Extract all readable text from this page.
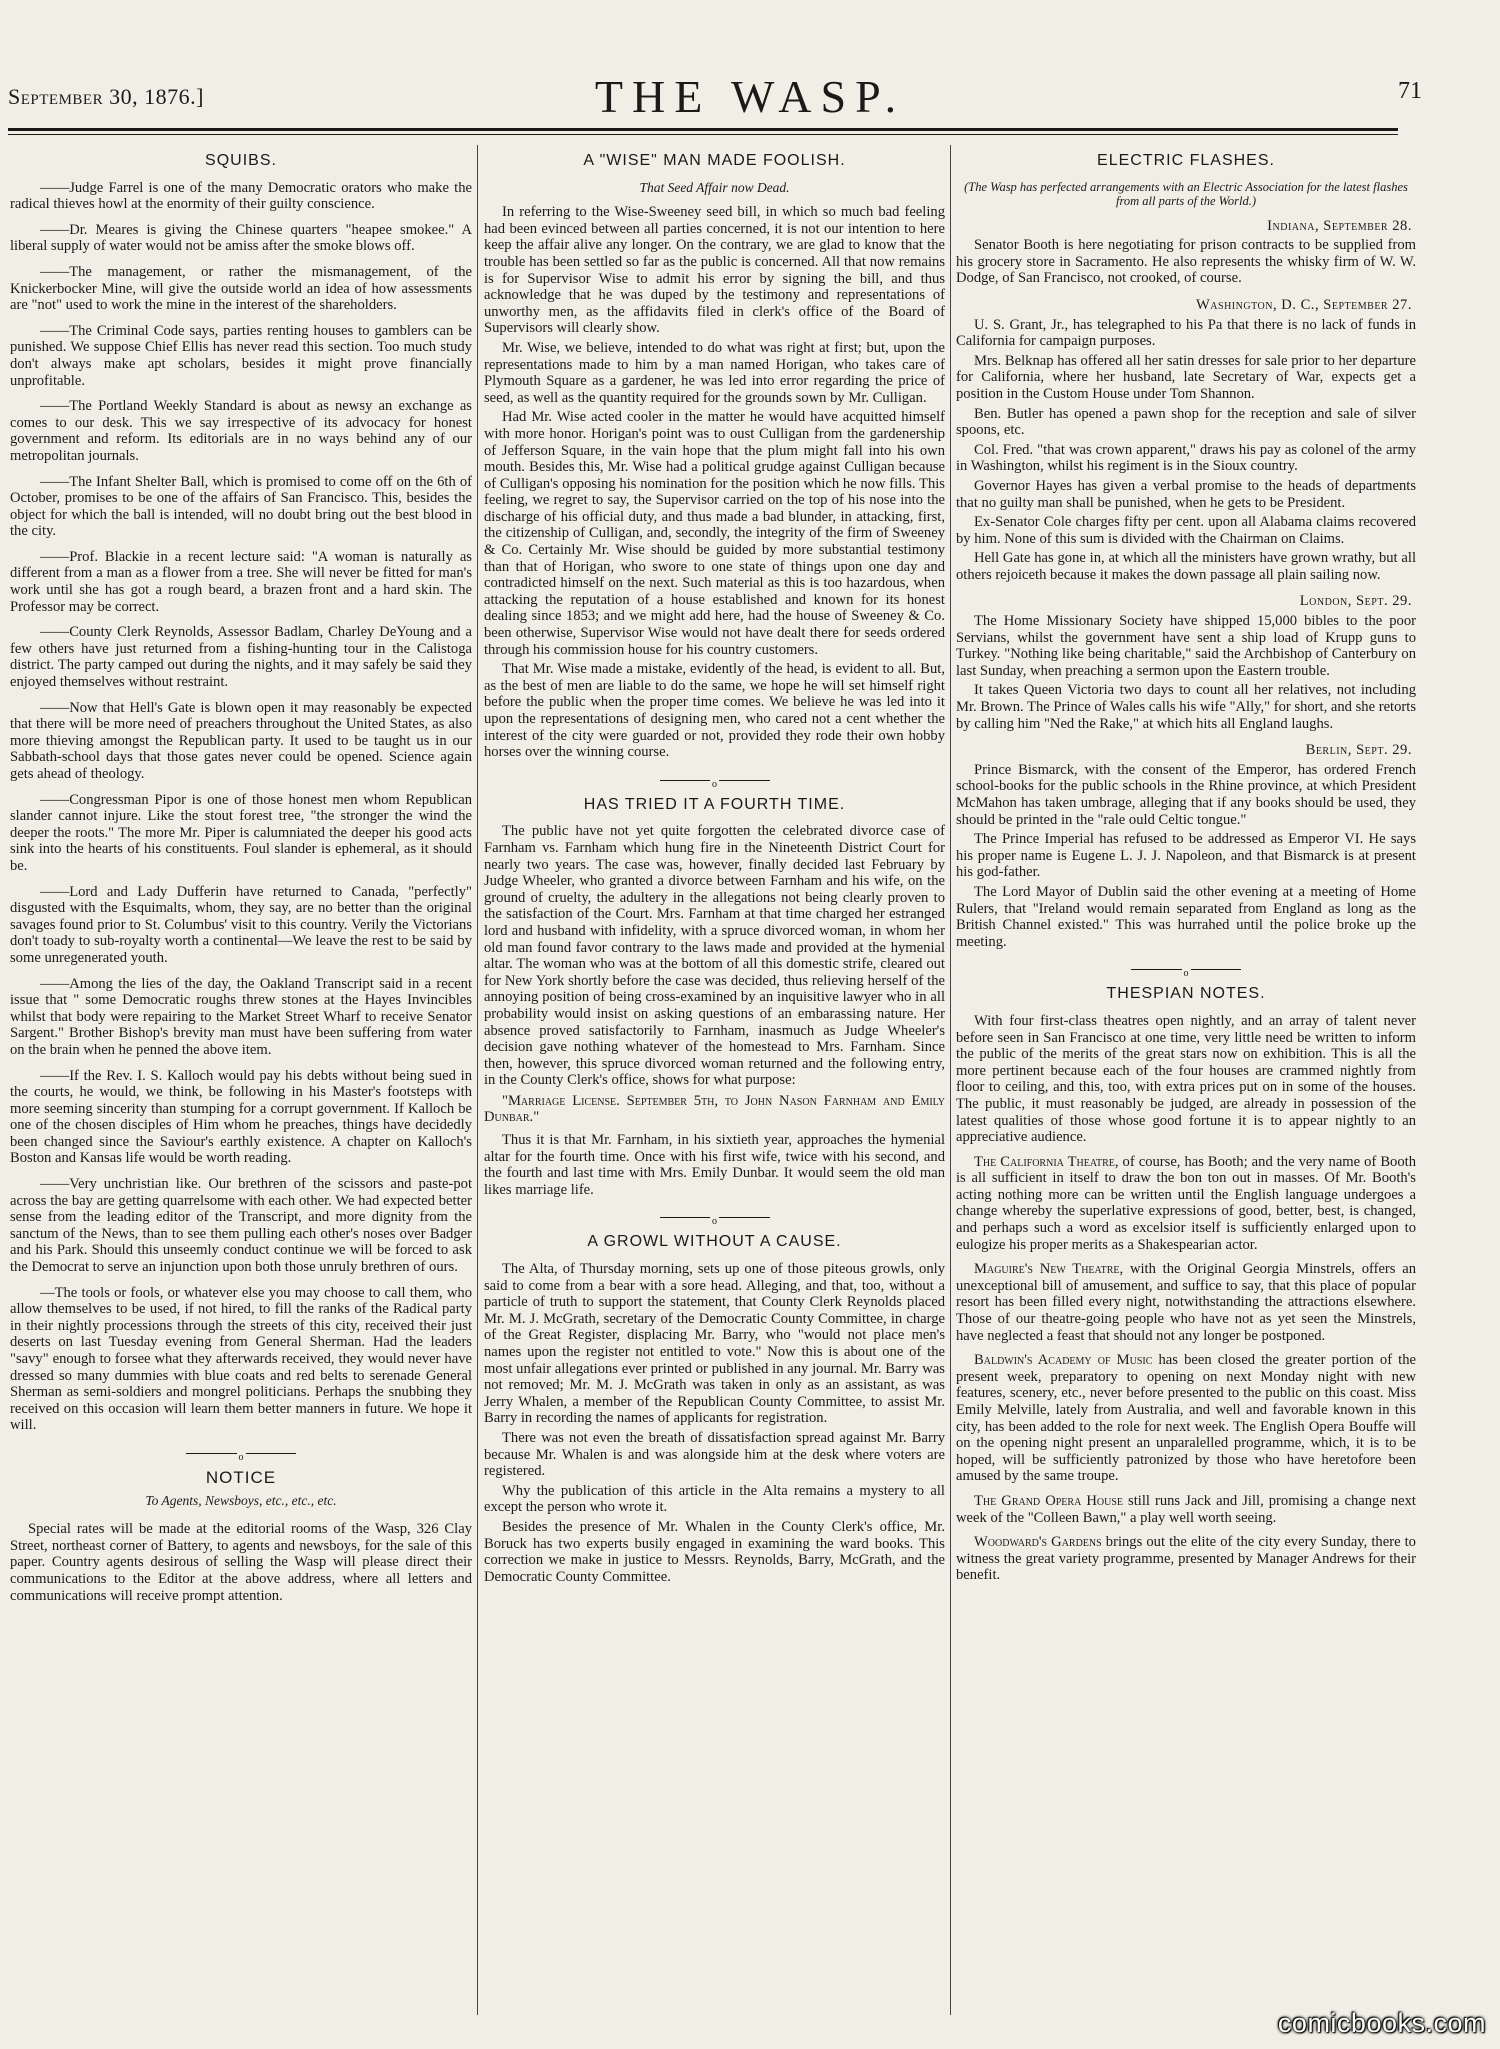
September 30, 1876.]	THE WASP.	71
SQUIBS.
——Judge Farrel is one of the many Democratic orators who make the radical thieves howl at the enormity of their guilty conscience.
——Dr. Meares is giving the Chinese quarters "heapee smokee." A liberal supply of water would not be amiss after the smoke blows off.
——The management, or rather the mismanagement, of the Knickerbocker Mine, will give the outside world an idea of how assessments are "not" used to work the mine in the interest of the shareholders.
——The Criminal Code says, parties renting houses to gamblers can be punished. We suppose Chief Ellis has never read this section. Too much study don't always make apt scholars, besides it might prove financially unprofitable.
——The Portland Weekly Standard is about as newsy an exchange as comes to our desk. This we say irrespective of its advocacy for honest government and reform. Its editorials are in no ways behind any of our metropolitan journals.
——The Infant Shelter Ball, which is promised to come off on the 6th of October, promises to be one of the affairs of San Francisco. This, besides the object for which the ball is intended, will no doubt bring out the best blood in the city.
——Prof. Blackie in a recent lecture said: "A woman is naturally as different from a man as a flower from a tree. She will never be fitted for man's work until she has got a rough beard, a brazen front and a hard skin. The Professor may be correct.
——County Clerk Reynolds, Assessor Badlam, Charley DeYoung and a few others have just returned from a fishing-hunting tour in the Calistoga district. The party camped out during the nights, and it may safely be said they enjoyed themselves without restraint.
——Now that Hell's Gate is blown open it may reasonably be expected that there will be more need of preachers throughout the United States, as also more thieving amongst the Republican party. It used to be taught us in our Sabbath-school days that those gates never could be opened. Science again gets ahead of theology.
——Congressman Pipor is one of those honest men whom Republican slander cannot injure. Like the stout forest tree, "the stronger the wind the deeper the roots." The more Mr. Piper is calumniated the deeper his good acts sink into the hearts of his constituents. Foul slander is ephemeral, as it should be.
——Lord and Lady Dufferin have returned to Canada, "perfectly" disgusted with the Esquimalts, whom, they say, are no better than the original savages found prior to St. Columbus' visit to this country. Verily the Victorians don't toady to sub-royalty worth a continental—We leave the rest to be said by some unregenerated youth.
——Among the lies of the day, the Oakland Transcript said in a recent issue that " some Democratic roughs threw stones at the Hayes Invincibles whilst that body were repairing to the Market Street Wharf to receive Senator Sargent." Brother Bishop's brevity man must have been suffering from water on the brain when he penned the above item.
——If the Rev. I. S. Kalloch would pay his debts without being sued in the courts, he would, we think, be following in his Master's footsteps with more seeming sincerity than stumping for a corrupt government. If Kalloch be one of the chosen disciples of Him whom he preaches, things have decidedly been changed since the Saviour's earthly existence. A chapter on Kalloch's Boston and Kansas life would be worth reading.
——Very unchristian like. Our brethren of the scissors and paste-pot across the bay are getting quarrelsome with each other. We had expected better sense from the leading editor of the Transcript, and more dignity from the sanctum of the News, than to see them pulling each other's noses over Badger and his Park. Should this unseemly conduct continue we will be forced to ask the Democrat to serve an injunction upon both those unruly brethren of ours.
—The tools or fools, or whatever else you may choose to call them, who allow themselves to be used, if not hired, to fill the ranks of the Radical party in their nightly processions through the streets of this city, received their just deserts on last Tuesday evening from General Sherman. Had the leaders "savy" enough to forsee what they afterwards received, they would never have dressed so many dummies with blue coats and red belts to serenade General Sherman as semi-soldiers and mongrel politicians. Perhaps the snubbing they received on this occasion will learn them better manners in future. We hope it will.
o
NOTICE
To Agents, Newsboys, etc., etc., etc.
Special rates will be made at the editorial rooms of the Wasp, 326 Clay Street, northeast corner of Battery, to agents and newsboys, for the sale of this paper. Country agents desirous of selling the Wasp will please direct their communications to the Editor at the above address, where all letters and communications will receive prompt attention.
A "WISE" MAN MADE FOOLISH.
That Seed Affair now Dead.
In referring to the Wise-Sweeney seed bill, in which so much bad feeling had been evinced between all parties concerned, it is not our intention to here keep the affair alive any longer. On the contrary, we are glad to know that the trouble has been settled so far as the public is concerned. All that now remains is for Supervisor Wise to admit his error by signing the bill, and thus acknowledge that he was duped by the testimony and representations of unworthy men, as the affidavits filed in clerk's office of the Board of Supervisors will clearly show.
Mr. Wise, we believe, intended to do what was right at first; but, upon the representations made to him by a man named Horigan, who takes care of Plymouth Square as a gardener, he was led into error regarding the price of seed, as well as the quantity required for the grounds sown by Mr. Culligan.
Had Mr. Wise acted cooler in the matter he would have acquitted himself with more honor. Horigan's point was to oust Culligan from the gardenership of Jefferson Square, in the vain hope that the plum might fall into his own mouth. Besides this, Mr. Wise had a political grudge against Culligan because of Culligan's opposing his nomination for the position which he now fills. This feeling, we regret to say, the Supervisor carried on the top of his nose into the discharge of his official duty, and thus made a bad blunder, in attacking, first, the citizenship of Culligan, and, secondly, the integrity of the firm of Sweeney & Co. Certainly Mr. Wise should be guided by more substantial testimony than that of Horigan, who swore to one state of things upon one day and contradicted himself on the next. Such material as this is too hazardous, when attacking the reputation of a house established and known for its honest dealing since 1853; and we might add here, had the house of Sweeney & Co. been otherwise, Supervisor Wise would not have dealt there for seeds ordered through his commission house for his country customers.
That Mr. Wise made a mistake, evidently of the head, is evident to all. But, as the best of men are liable to do the same, we hope he will set himself right before the public when the proper time comes. We believe he was led into it upon the representations of designing men, who cared not a cent whether the interest of the city were guarded or not, provided they rode their own hobby horses over the winning course.
o
HAS TRIED IT A FOURTH TIME.
The public have not yet quite forgotten the celebrated divorce case of Farnham vs. Farnham which hung fire in the Nineteenth District Court for nearly two years. The case was, however, finally decided last February by Judge Wheeler, who granted a divorce between Farnham and his wife, on the ground of cruelty, the adultery in the allegations not being clearly proven to the satisfaction of the Court. Mrs. Farnham at that time charged her estranged lord and husband with infidelity, with a spruce divorced woman, in whom her old man found favor contrary to the laws made and provided at the hymenial altar. The woman who was at the bottom of all this domestic strife, cleared out for New York shortly before the case was decided, thus relieving herself of the annoying position of being cross-examined by an inquisitive lawyer who in all probability would insist on asking questions of an embarassing nature. Her absence proved satisfactorily to Farnham, inasmuch as Judge Wheeler's decision gave nothing whatever of the homestead to Mrs. Farnham. Since then, however, this spruce divorced woman returned and the following entry, in the County Clerk's office, shows for what purpose:
"Marriage License. September 5th, to John Nason Farnham and Emily Dunbar."
Thus it is that Mr. Farnham, in his sixtieth year, approaches the hymenial altar for the fourth time. Once with his first wife, twice with his second, and the fourth and last time with Mrs. Emily Dunbar. It would seem the old man likes marriage life.
o
A GROWL WITHOUT A CAUSE.
The Alta, of Thursday morning, sets up one of those piteous growls, only said to come from a bear with a sore head. Alleging, and that, too, without a particle of truth to support the statement, that County Clerk Reynolds placed Mr. M. J. McGrath, secretary of the Democratic County Committee, in charge of the Great Register, displacing Mr. Barry, who "would not place men's names upon the register not entitled to vote." Now this is about one of the most unfair allegations ever printed or published in any journal. Mr. Barry was not removed; Mr. M. J. McGrath was taken in only as an assistant, as was Jerry Whalen, a member of the Republican County Committee, to assist Mr. Barry in recording the names of applicants for registration.
There was not even the breath of dissatisfaction spread against Mr. Barry because Mr. Whalen is and was alongside him at the desk where voters are registered.
Why the publication of this article in the Alta remains a mystery to all except the person who wrote it.
Besides the presence of Mr. Whalen in the County Clerk's office, Mr. Boruck has two experts busily engaged in examining the ward books. This correction we make in justice to Messrs. Reynolds, Barry, McGrath, and the Democratic County Committee.
ELECTRIC FLASHES.
(The Wasp has perfected arrangements with an Electric Association for the latest flashes from all parts of the World.)
Indiana, September 28.
Senator Booth is here negotiating for prison contracts to be supplied from his grocery store in Sacramento. He also represents the whisky firm of W. W. Dodge, of San Francisco, not crooked, of course.
Washington, D. C., September 27.
U. S. Grant, Jr., has telegraphed to his Pa that there is no lack of funds in California for campaign purposes.
Mrs. Belknap has offered all her satin dresses for sale prior to her departure for California, where her husband, late Secretary of War, expects get a position in the Custom House under Tom Shannon.
Ben. Butler has opened a pawn shop for the reception and sale of silver spoons, etc.
Col. Fred. "that was crown apparent," draws his pay as colonel of the army in Washington, whilst his regiment is in the Sioux country.
Governor Hayes has given a verbal promise to the heads of departments that no guilty man shall be punished, when he gets to be President.
Ex-Senator Cole charges fifty per cent. upon all Alabama claims recovered by him. None of this sum is divided with the Chairman on Claims.
Hell Gate has gone in, at which all the ministers have grown wrathy, but all others rejoiceth because it makes the down passage all plain sailing now.
London, Sept. 29.
The Home Missionary Society have shipped 15,000 bibles to the poor Servians, whilst the government have sent a ship load of Krupp guns to Turkey. "Nothing like being charitable," said the Archbishop of Canterbury on last Sunday, when preaching a sermon upon the Eastern trouble.
It takes Queen Victoria two days to count all her relatives, not including Mr. Brown. The Prince of Wales calls his wife "Ally," for short, and she retorts by calling him "Ned the Rake," at which hits all England laughs.
Berlin, Sept. 29.
Prince Bismarck, with the consent of the Emperor, has ordered French school-books for the public schools in the Rhine province, at which President McMahon has taken umbrage, alleging that if any books should be used, they should be printed in the "rale ould Celtic tongue."
The Prince Imperial has refused to be addressed as Emperor VI. He says his proper name is Eugene L. J. J. Napoleon, and that Bismarck is at present his god-father.
The Lord Mayor of Dublin said the other evening at a meeting of Home Rulers, that "Ireland would remain separated from England as long as the British Channel existed." This was hurrahed until the police broke up the meeting.
o
THESPIAN NOTES.
With four first-class theatres open nightly, and an array of talent never before seen in San Francisco at one time, very little need be written to inform the public of the merits of the great stars now on exhibition. This is all the more pertinent because each of the four houses are crammed nightly from floor to ceiling, and this, too, with extra prices put on in some of the houses. The public, it must reasonably be judged, are already in possession of the latest qualities of those whose good fortune it is to appear nightly to an appreciative audience.
The California Theatre, of course, has Booth; and the very name of Booth is all sufficient in itself to draw the bon ton out in masses. Of Mr. Booth's acting nothing more can be written until the English language undergoes a change whereby the superlative expressions of good, better, best, is changed, and perhaps such a word as excelsior itself is sufficiently enlarged upon to eulogize his proper merits as a Shakespearian actor.
Maguire's New Theatre, with the Original Georgia Minstrels, offers an unexceptional bill of amusement, and suffice to say, that this place of popular resort has been filled every night, notwithstanding the attractions elsewhere. Those of our theatre-going people who have not as yet seen the Minstrels, have neglected a feast that should not any longer be postponed.
Baldwin's Academy of Music has been closed the greater portion of the present week, preparatory to opening on next Monday night with new features, scenery, etc., never before presented to the public on this coast. Miss Emily Melville, lately from Australia, and well and favorable known in this city, has been added to the role for next week. The English Opera Bouffe will on the opening night present an unparalelled programme, which, it is to be hoped, will be sufficiently patronized by those who have heretofore been amused by the same troupe.
The Grand Opera House still runs Jack and Jill, promising a change next week of the "Colleen Bawn," a play well worth seeing.
Woodward's Gardens brings out the elite of the city every Sunday, there to witness the great variety programme, presented by Manager Andrews for their benefit.
comicbooks.com
